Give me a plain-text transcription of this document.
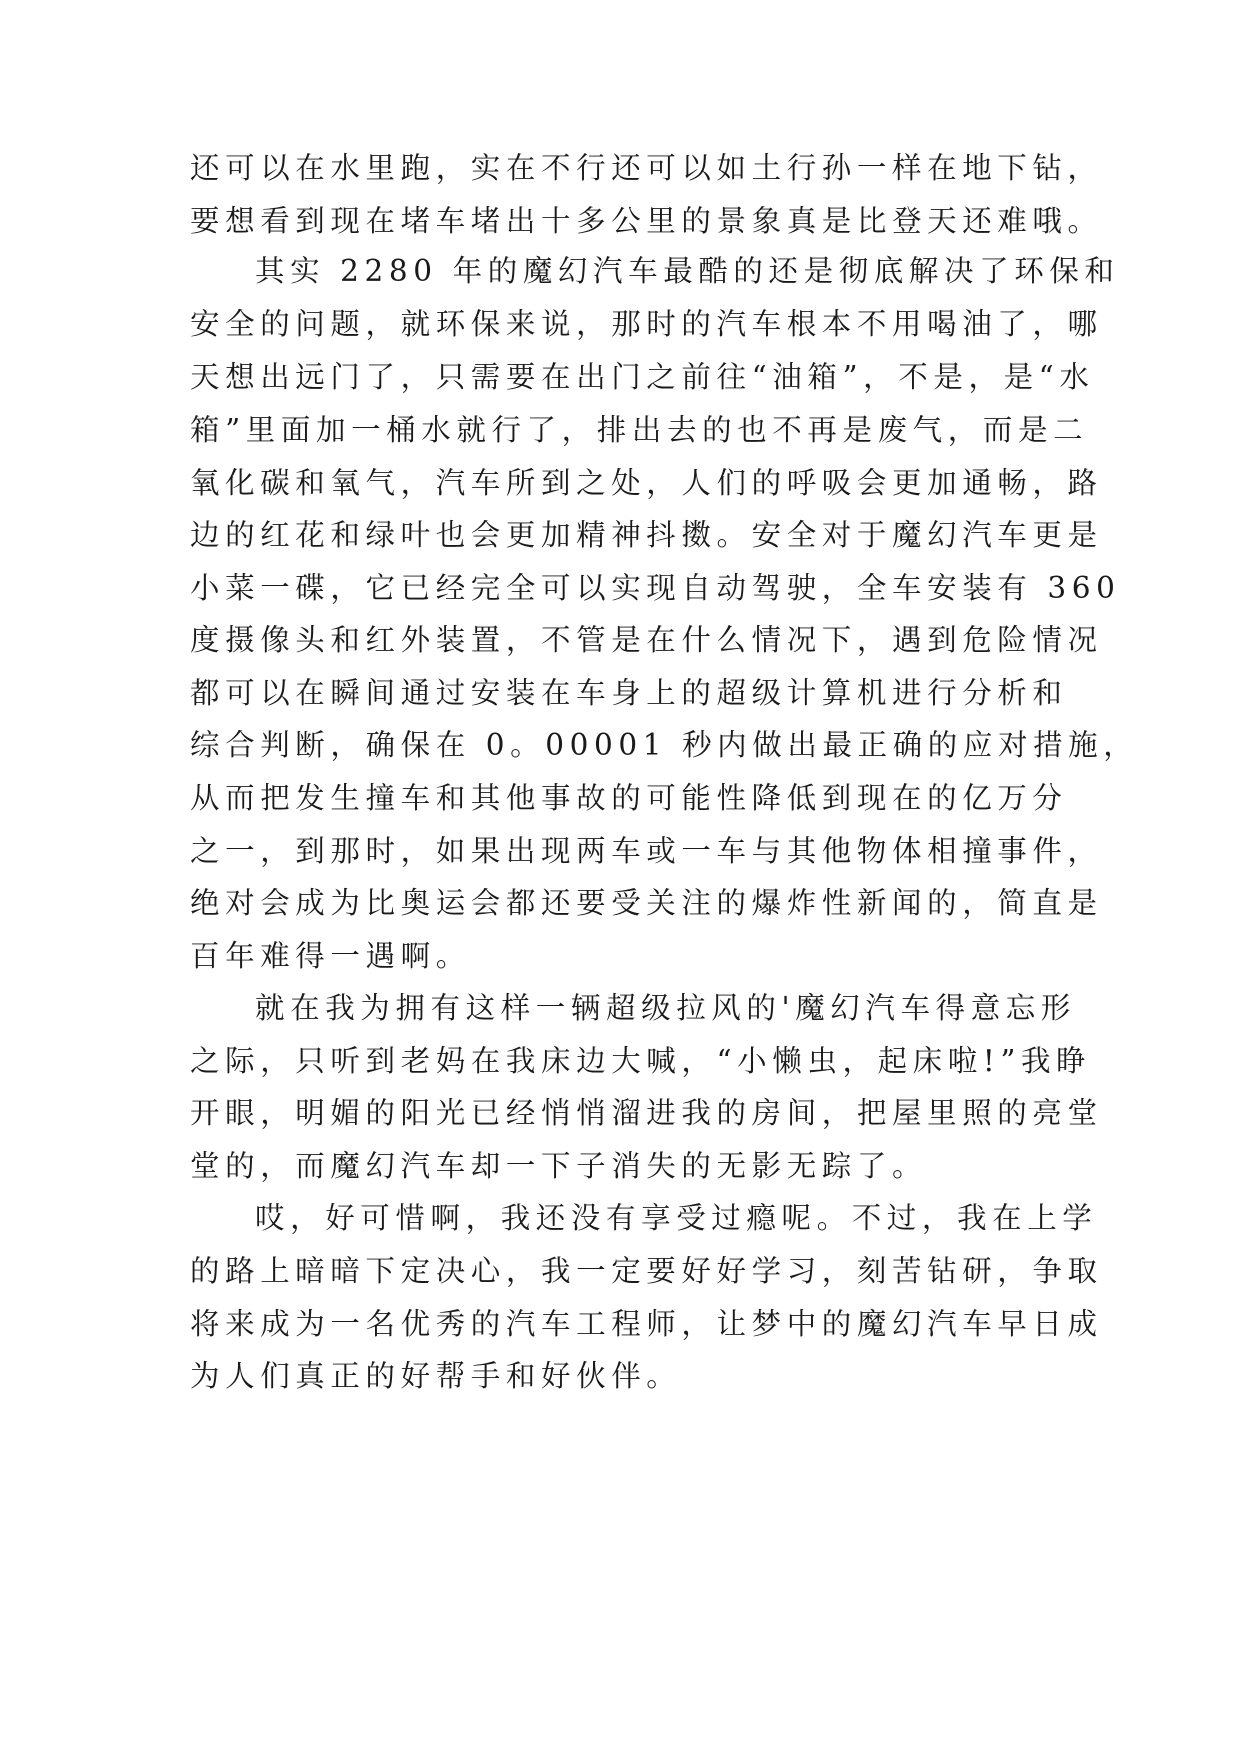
还可以在水里跑，实在不行还可以如土行孙一样在地下钻，
要想看到现在堵车堵出十多公里的景象真是比登天还难哦。
其实 2280 年的魔幻汽车最酷的还是彻底解决了环保和
安全的问题，就环保来说，那时的汽车根本不用喝油了，哪
天想出远门了，只需要在出门之前往“油箱”，不是，是“水
箱”里面加一桶水就行了，排出去的也不再是废气，而是二
氧化碳和氧气，汽车所到之处，人们的呼吸会更加通畅，路
边的红花和绿叶也会更加精神抖擞。安全对于魔幻汽车更是
小菜一碟，它已经完全可以实现自动驾驶，全车安装有 360
度摄像头和红外装置，不管是在什么情况下，遇到危险情况
都可以在瞬间通过安装在车身上的超级计算机进行分析和
综合判断，确保在 0。00001 秒内做出最正确的应对措施，
从而把发生撞车和其他事故的可能性降低到现在的亿万分
之一，到那时，如果出现两车或一车与其他物体相撞事件，
绝对会成为比奥运会都还要受关注的爆炸性新闻的，简直是
百年难得一遇啊。
就在我为拥有这样一辆超级拉风的'魔幻汽车得意忘形
之际，只听到老妈在我床边大喊，“小懒虫，起床啦!”我睁
开眼，明媚的阳光已经悄悄溜进我的房间，把屋里照的亮堂
堂的，而魔幻汽车却一下子消失的无影无踪了。
哎，好可惜啊，我还没有享受过瘾呢。不过，我在上学
的路上暗暗下定决心，我一定要好好学习，刻苦钻研，争取
将来成为一名优秀的汽车工程师，让梦中的魔幻汽车早日成
为人们真正的好帮手和好伙伴。
